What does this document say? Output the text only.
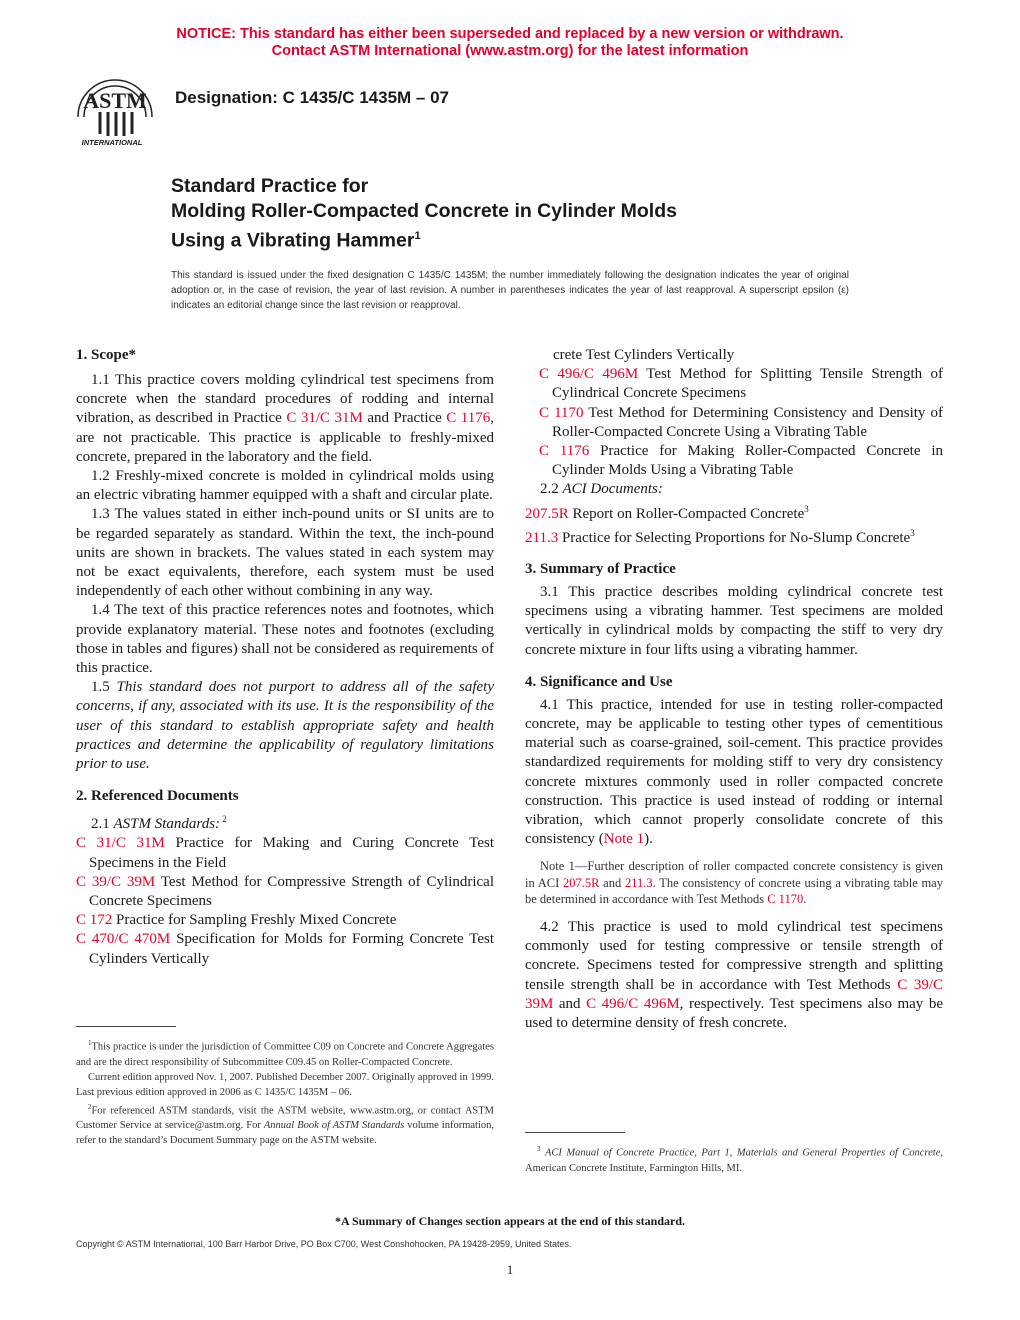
NOTICE: This standard has either been superseded and replaced by a new version or withdrawn.
Contact ASTM International (www.astm.org) for the latest information
ASTM
INTERNATIONAL
Designation: C 1435/C 1435M – 07
Standard Practice for
Molding Roller-Compacted Concrete in Cylinder Molds
Using a Vibrating Hammer$^1$
This standard is issued under the fixed designation C 1435/C 1435M; the number immediately following the designation indicates the year of original adoption or, in the case of revision, the year of last revision. A number in parentheses indicates the year of last reapproval. A superscript epsilon (ε) indicates an editorial change since the last revision or reapproval.

1. Scope*

1.1 This practice covers molding cylindrical test specimens from concrete when the standard procedures of rodding and internal vibration, as described in Practice C 31/C 31M and Practice C 1176, are not practicable. This practice is applicable to freshly-mixed concrete, prepared in the laboratory and the field.

1.2 Freshly-mixed concrete is molded in cylindrical molds using an electric vibrating hammer equipped with a shaft and circular plate.

1.3 The values stated in either inch-pound units or SI units are to be regarded separately as standard. Within the text, the inch-pound units are shown in brackets. The values stated in each system may not be exact equivalents, therefore, each system must be used independently of each other without combining in any way.

1.4 The text of this practice references notes and footnotes, which provide explanatory material. These notes and footnotes (excluding those in tables and figures) shall not be considered as requirements of this practice.

1.5 This standard does not purport to address all of the safety concerns, if any, associated with its use. It is the responsibility of the user of this standard to establish appropriate safety and health practices and determine the applicability of regulatory limitations prior to use.

2. Referenced Documents

2.1 ASTM Standards: $^2$

C 31/C 31M Practice for Making and Curing Concrete Test Specimens in the Field

C 39/C 39M Test Method for Compressive Strength of Cylindrical Concrete Specimens

C 172 Practice for Sampling Freshly Mixed Concrete

C 470/C 470M Specification for Molds for Forming Concrete Test Cylinders Vertically

$^1$This practice is under the jurisdiction of Committee C09 on Concrete and Concrete Aggregates and are the direct responsibility of Subcommittee C09.45 on Roller-Compacted Concrete.
Current edition approved Nov. 1, 2007. Published December 2007. Originally approved in 1999. Last previous edition approved in 2006 as C 1435/C 1435M – 06.
$^2$For referenced ASTM standards, visit the ASTM website, www.astm.org, or contact ASTM Customer Service at service@astm.org. For Annual Book of ASTM Standards volume information, refer to the standard’s Document Summary page on the ASTM website.

crete Test Cylinders Vertically

C 496/C 496M Test Method for Splitting Tensile Strength of Cylindrical Concrete Specimens

C 1170 Test Method for Determining Consistency and Density of Roller-Compacted Concrete Using a Vibrating Table

C 1176 Practice for Making Roller-Compacted Concrete in Cylinder Molds Using a Vibrating Table

2.2 ACI Documents:

207.5R Report on Roller-Compacted Concrete$^3$

211.3 Practice for Selecting Proportions for No-Slump Concrete$^3$

3. Summary of Practice

3.1 This practice describes molding cylindrical concrete test specimens using a vibrating hammer. Test specimens are molded vertically in cylindrical molds by compacting the stiff to very dry concrete mixture in four lifts using a vibrating hammer.

4. Significance and Use

4.1 This practice, intended for use in testing roller-compacted concrete, may be applicable to testing other types of cementitious material such as coarse-grained, soil-cement. This practice provides standardized requirements for molding stiff to very dry consistency concrete mixtures commonly used in roller compacted concrete construction. This practice is used instead of rodding or internal vibration, which cannot properly consolidate concrete of this consistency (Note 1).

Note 1—Further description of roller compacted concrete consistency is given in ACI 207.5R and 211.3. The consistency of concrete using a vibrating table may be determined in accordance with Test Methods C 1170.

4.2 This practice is used to mold cylindrical test specimens commonly used for testing compressive or tensile strength of concrete. Specimens tested for compressive strength and splitting tensile strength shall be in accordance with Test Methods C 39/C 39M and C 496/C 496M, respectively. Test specimens also may be used to determine density of fresh concrete.

$^3$ ACI Manual of Concrete Practice, Part 1, Materials and General Properties of Concrete, American Concrete Institute, Farmington Hills, MI.
*A Summary of Changes section appears at the end of this standard.
Copyright © ASTM International, 100 Barr Harbor Drive, PO Box C700, West Conshohocken, PA 19428-2959, United States.
1
